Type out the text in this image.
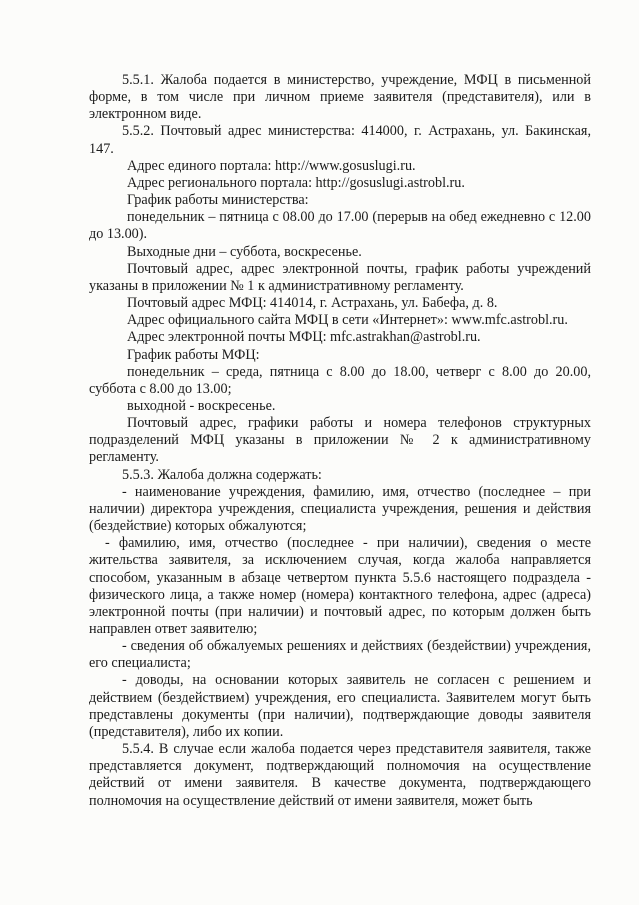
5.5.1. Жалоба подается в министерство, учреждение, МФЦ в письменной форме, в том числе при личном приеме заявителя (представителя), или в электронном виде.

5.5.2. Почтовый адрес министерства: 414000, г. Астрахань, ул. Бакинская, 147.

Адрес единого портала: http://www.gosuslugi.ru.

Адрес регионального портала: http://gosuslugi.astrobl.ru.

График работы министерства:

понедельник – пятница с 08.00 до 17.00 (перерыв на обед ежедневно с 12.00 до 13.00).

Выходные дни – суббота, воскресенье.

Почтовый адрес, адрес электронной почты, график работы учреждений указаны в приложении № 1 к административному регламенту.

Почтовый адрес МФЦ: 414014, г. Астрахань, ул. Бабефа, д. 8.

Адрес официального сайта МФЦ в сети «Интернет»: www.mfc.astrobl.ru.

Адрес электронной почты МФЦ: mfc.astrakhan@astrobl.ru.

График работы МФЦ:

понедельник – среда, пятница с 8.00 до 18.00, четверг с 8.00 до 20.00, суббота с 8.00 до 13.00;

выходной - воскресенье.

Почтовый адрес, графики работы и номера телефонов структурных подразделений МФЦ указаны в приложении № 2 к административному регламенту.

5.5.3. Жалоба должна содержать:

- наименование учреждения, фамилию, имя, отчество (последнее – при наличии) директора учреждения, специалиста учреждения, решения и действия (бездействие) которых обжалуются;

- фамилию, имя, отчество (последнее - при наличии), сведения о месте жительства заявителя, за исключением случая, когда жалоба направляется способом, указанным в абзаце четвертом пункта 5.5.6 настоящего подраздела - физического лица, а также номер (номера) контактного телефона, адрес (адреса) электронной почты (при наличии) и почтовый адрес, по которым должен быть направлен ответ заявителю;

- сведения об обжалуемых решениях и действиях (бездействии) учреждения, его специалиста;

- доводы, на основании которых заявитель не согласен с решением и действием (бездействием) учреждения, его специалиста. Заявителем могут быть представлены документы (при наличии), подтверждающие доводы заявителя (представителя), либо их копии.

5.5.4. В случае если жалоба подается через представителя заявителя, также представляется документ, подтверждающий полномочия на осуществление действий от имени заявителя. В качестве документа, подтверждающего полномочия на осуществление действий от имени заявителя, может быть
